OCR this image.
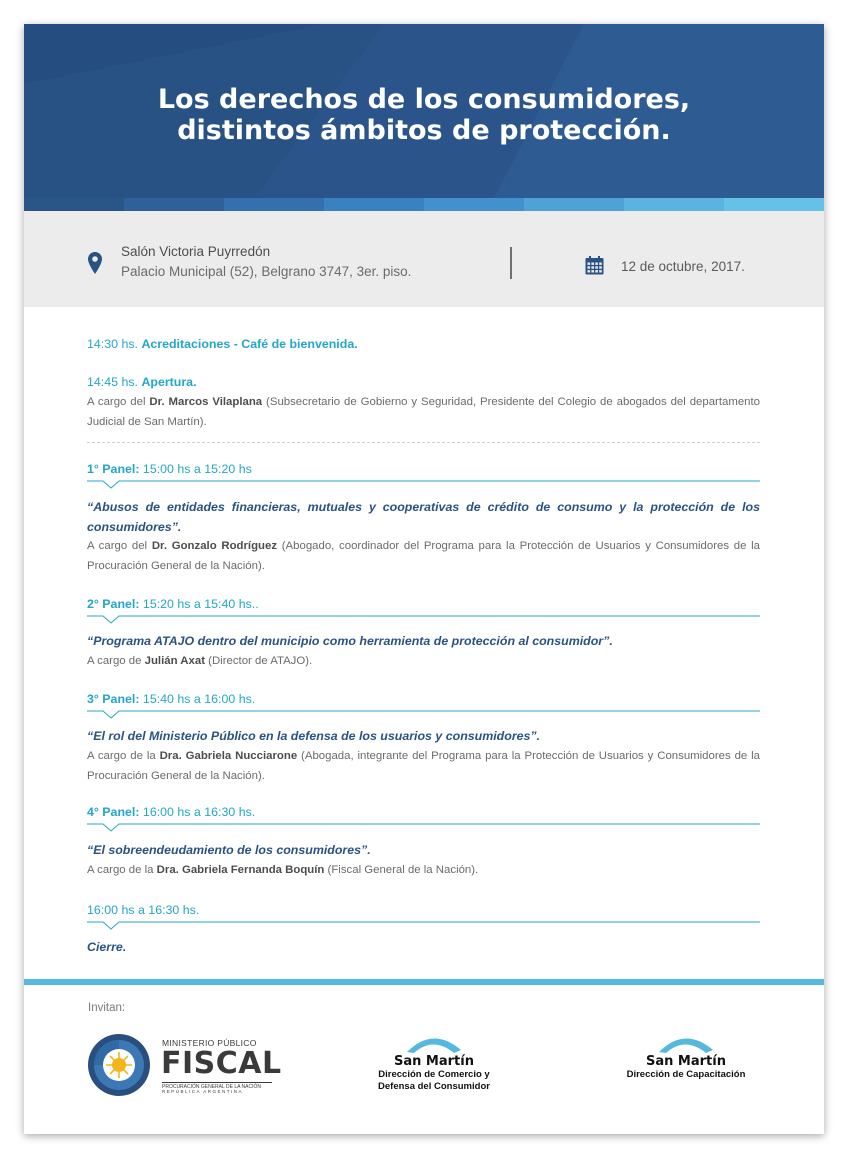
Los derechos de los consumidores,
distintos ámbitos de protección.
Salón Victoria Puyrredón
Palacio Municipal (52), Belgrano 3747, 3er. piso.	12 de octubre, 2017.
14:30 hs. Acreditaciones - Café de bienvenida.
14:45 hs. Apertura.
A cargo del Dr. Marcos Vilaplana (Subsecretario de Gobierno y Seguridad, Presidente del Colegio de abogados del departamento Judicial de San Martín).
1° Panel: 15:00 hs a 15:20 hs
“Abusos de entidades financieras, mutuales y cooperativas de crédito de consumo y la protección de los consumidores”.
A cargo del Dr. Gonzalo Rodríguez (Abogado, coordinador del Programa para la Protección de Usuarios y Consumidores de la Procuración General de la Nación).
2° Panel: 15:20 hs a 15:40 hs..
“Programa ATAJO dentro del municipio como herramienta de protección al consumidor”.
A cargo de Julián Axat (Director de ATAJO).
3° Panel: 15:40 hs a 16:00 hs.
“El rol del Ministerio Público en la defensa de los usuarios y consumidores”.
A cargo de la Dra. Gabriela Nucciarone (Abogada, integrante del Programa para la Protección de Usuarios y Consumidores de la Procuración General de la Nación).
4° Panel: 16:00 hs a 16:30 hs.
“El sobreendeudamiento de los consumidores”.
A cargo de la Dra. Gabriela Fernanda Boquín (Fiscal General de la Nación).
16:00 hs a 16:30 hs.
Cierre.
Invitan:
MINISTERIO PÚBLICO
FISCAL
PROCURACIÓN GENERAL DE LA NACIÓN
REPÚBLICA ARGENTINA
San Martín
Dirección de Comercio y
Defensa del Consumidor
San Martín
Dirección de Capacitación
